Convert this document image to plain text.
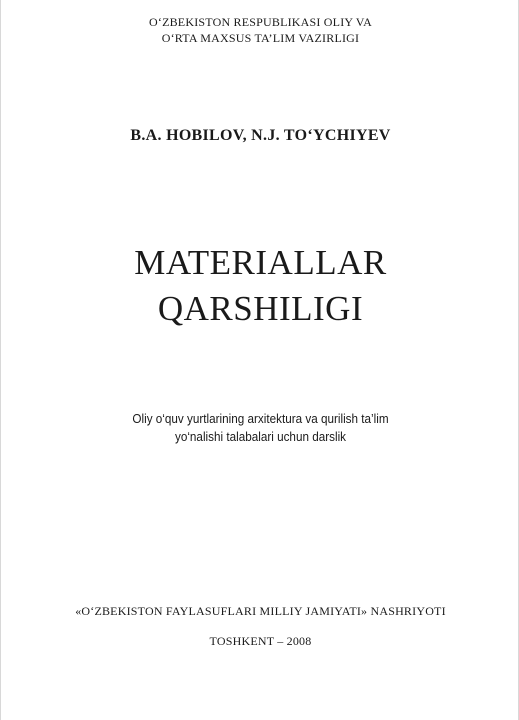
O‘ZBEKISTON RESPUBLIKASI OLIY VA
O‘RTA MAXSUS TA’LIM VAZIRLIGI
B.A. HOBILOV, N.J. TO‘YCHIYEV
MATERIALLAR
QARSHILIGI
Oliy o‘quv yurtlarining arxitektura va qurilish ta’lim
yo‘nalishi talabalari uchun darslik
«O‘ZBEKISTON FAYLASUFLARI MILLIY JAMIYATI» NASHRIYOTI
TOSHKENT – 2008
